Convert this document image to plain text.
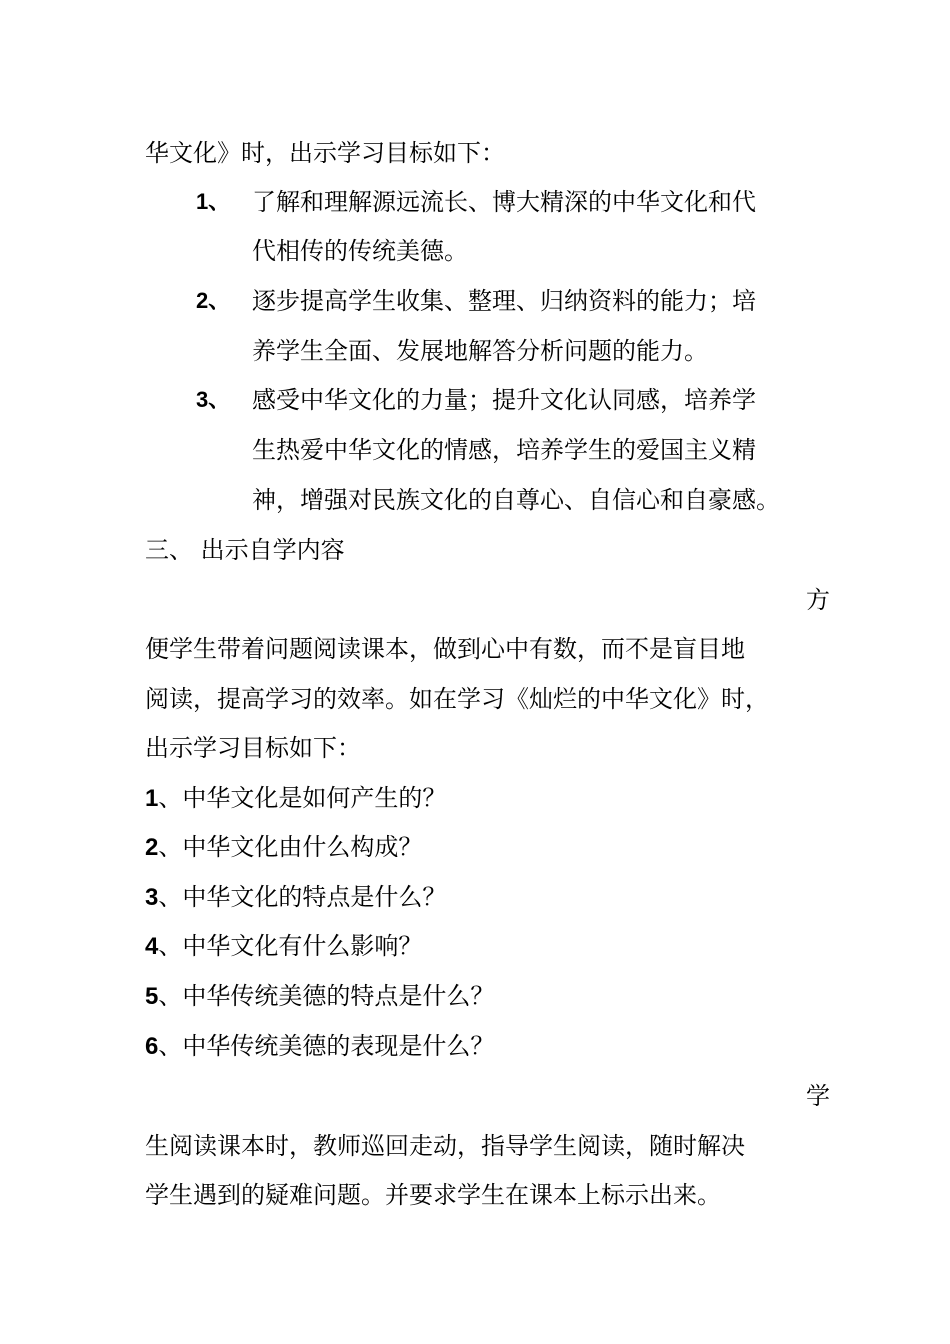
华文化》时，出示学习目标如下：
1、 了解和理解源远流长、博大精深的中华文化和代
代相传的传统美德。
2、 逐步提高学生收集、整理、归纳资料的能力；培
养学生全面、发展地解答分析问题的能力。
3、 感受中华文化的力量；提升文化认同感，培养学
生热爱中华文化的情感，培养学生的爱国主义精
神，增强对民族文化的自尊心、自信心和自豪感。
三、 出示自学内容
方
便学生带着问题阅读课本，做到心中有数，而不是盲目地
阅读，提高学习的效率。如在学习《灿烂的中华文化》时，
出示学习目标如下：
1、中华文化是如何产生的？
2、中华文化由什么构成？
3、中华文化的特点是什么？
4、中华文化有什么影响？
5、中华传统美德的特点是什么？
6、中华传统美德的表现是什么？
学
生阅读课本时，教师巡回走动，指导学生阅读，随时解决
学生遇到的疑难问题。并要求学生在课本上标示出来。
